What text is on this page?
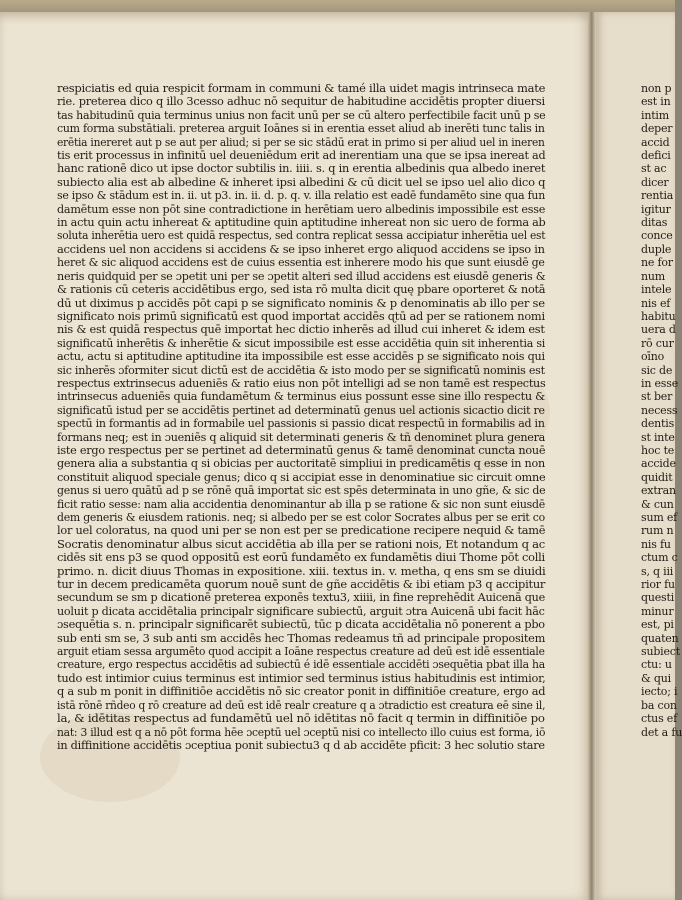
respiciatis ed quia respicit formam in communi & tamé illa uidet magis intrinseca mate
rie. preterea dico q illo 3cesso adhuc nō sequitur de habitudine accidētis propter diuersi
tas habitudinū quia terminus unius non facit unū per se cū altero perfectibile facit unū p se
cum forma substātiali. preterea arguit Ioānes si in erentia esset aliud ab inerēti tunc talis in
erētia inereret aut p se aut per aliud; si per se sic stādū erat in primo si per aliud uel in ineren
tis erit processus in infinitū uel deueniēdum erit ad inerentiam una que se ipsa inereat ad
hanc rationē dico ut ipse doctor subtilis in. iiii. s. q in erentia albedinis qua albedo ineret
subiecto alia est ab albedine & inheret ipsi albedini & cū dicit uel se ipso uel alio dico q
se ipso & stādum est in. ii. ut p3. in. ii. d. p. q. v. illa relatio est eadē fundamēto sine qua fun
damētum esse non pōt sine contradictione in herētiam uero albedinis impossibile est esse
in actu quin actu inhereat & aptitudine quin aptitudine inhereat non sic uero de forma ab
soluta inherētia uero est quidā respectus, sed contra replicat sessa accipiatur inherētia uel est
accidens uel non accidens si accidens & se ipso inheret ergo aliquod accidens se ipso in
heret & sic aliquod accidens est de cuius essentia est inherere modo his que sunt eiusdē ge
neris quidquid per se ɔpetit uni per se ɔpetit alteri sed illud accidens est eiusdē generis &
& rationis cū ceteris accidētibus ergo, sed ista rō multa dicit quę pbare oporteret & notā
dū ut diximus p accidēs pōt capi p se significato nominis & p denominatis ab illo per se
significato nois primū significatū est quod importat accidēs ɋtū ad per se rationem nomi
nis & est quidā respectus quē importat hec dictio inherēs ad illud cui inheret & idem est
significatū inherētis & inherētie & sicut impossibile est esse accidētia quin sit inherentia si
actu, actu si aptitudine aptitudine ita impossibile est esse accidēs p se significato nois qui
sic inherēs ɔformiter sicut dictū est de accidētia & isto modo per se significatū nominis est
respectus extrinsecus adueniēs & ratio eius non pōt intelligi ad se non tamē est respectus
intrinsecus adueniēs quia fundamētum & terminus eius possunt esse sine illo respectu &
significatū istud per se accidētis pertinet ad determinatū genus uel actionis sicactio dicit re
spectū in formantis ad in formabile uel passionis si passio dicat respectū in formabilis ad in
formans neq; est in ɔueniēs q aliquid sit determinati generis & tñ denominet plura genera
iste ergo respectus per se pertinet ad determinatū genus & tamē denominat cuncta nouē
genera alia a substantia q si obicias per auctoritatē simpliui in predicamētis q esse in non
constituit aliquod speciale genus; dico q si accipiat esse in denominatiue sic circuit omne
genus si uero quātū ad p se rōnē quā importat sic est spēs determinata in uno gñe, & sic de
ficit ratio sesse: nam alia accidentia denominantur ab illa p se ratione & sic non sunt eiusdē
dem generis & eiusdem rationis. neq; si albedo per se est color Socrates albus per se erit co
lor uel coloratus, na quod uni per se non est per se predicatione recipere nequid & tamē
Socratis denominatur albus sicut accidētia ab illa per se rationi nois, Et notandum q ac
cidēs sit ens p3 se quod oppositū est eorū fundamēto ex fundamētis diui Thome pōt colli
primo. n. dicit diuus Thomas in expositione. xiii. textus in. v. metha, q ens sm se diuidi
tur in decem predicamēta quorum nouē sunt de gñe accidētis & ibi etiam p3 q accipitur
secundum se sm p dicationē preterea exponēs textu3, xiiii, in fine reprehēdit Auicenā que
uoluit p dicata accidētalia principalr significare subiectū, arguit ɔtra Auicenā ubi facit hāc
ɔsequētia s. n. principalr significarēt subiectū, tūc p dicata accidētalia nō ponerent a pbo
sub enti sm se, 3 sub anti sm accidēs hec Thomas redeamus tñ ad principale propositem
arguit etiam sessa argumēto quod accipit a Ioāne respectus creature ad deū est idē essentiale
creature, ergo respectus accidētis ad subiectū é idē essentiale accidēti ɔsequētia pbat illa ha
tudo est intimior cuius terminus est intimior sed terminus istius habitudinis est intimior,
q a sub m ponit in diffinitiōe accidētis nō sic creator ponit in diffinitiōe creature, ergo ad
istā rōnē rñdeo q rō creature ad deū est idē realr creature q a ɔtradictio est creatura eē sine il,
la, & idētitas respectus ad fundamētū uel nō idētitas nō facit q termin in diffinitiōe po
nat: 3 illud est q a nō pōt forma hēe ɔceptū uel ɔceptū nisi co intellecto illo cuius est forma, iō
in diffinitione accidētis ɔceptiua ponit subiectu3 q d ab accidēte pficit: 3 hec solutio stare
non p
est in
intim
deper
accid
defici
st ac
dicer
rentia
igitur
ditas
conce
duple
ne for
num
intele
nis ef
habitu
uera d
rō cur
oīno
sic de
in esse
st ber
necess
dentis
st inte
hoc te
accide
quidit
extran
& cun
sum ef
rum n
nis fu
ctum c
s, q iii
rior fu
questi
minur
est, pi
quaten
subiect
ctu: u
& qui
iecto; i
ba con
ctus ef
det a fu
